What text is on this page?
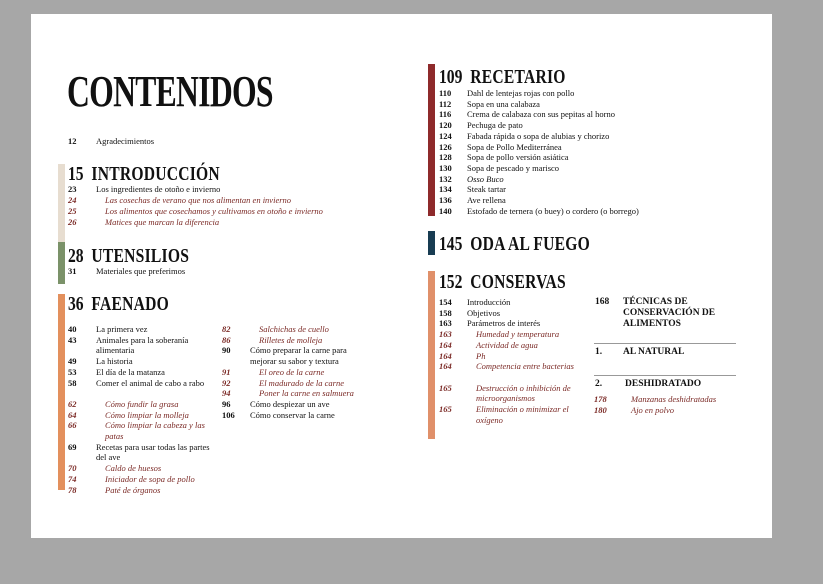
CONTENIDOS
12 Agradecimientos
15 INTRODUCCIÓN
23 Los ingredientes de otoño e invierno
24	Las cosechas de verano que nos alimentan en invierno
25	Los alimentos que cosechamos y cultivamos en otoño e invierno
26	Matices que marcan la diferencia
28 UTENSILIOS
31 Materiales que preferimos
36 FAENADO
40 La primera vez
43 Animales para la soberanía alimentaria
49 La historia
53 El día de la matanza
58 Comer el animal de cabo a rabo
62	Cómo fundir la grasa
64	Cómo limpiar la molleja
66	Cómo limpiar la cabeza y las patas
69 Recetas para usar todas las partes del ave
70	Caldo de huesos
74	Iniciador de sopa de pollo
78	Paté de órganos
82	Salchichas de cuello
86	Rilletes de molleja
90 Cómo preparar la carne para mejorar su sabor y textura
91	El oreo de la carne
92	El madurado de la carne
94	Poner la carne en salmuera
96 Cómo despiezar un ave
106 Cómo conservar la carne
109 RECETARIO
110 Dahl de lentejas rojas con pollo
112 Sopa en una calabaza
116 Crema de calabaza con sus pepitas al horno
120 Pechuga de pato
124 Fabada rápida o sopa de alubias y chorizo
126 Sopa de Pollo Mediterránea
128 Sopa de pollo versión asiática
130 Sopa de pescado y marisco
132 Osso Buco
134 Steak tartar
136 Ave rellena
140 Estofado de ternera (o buey) o cordero (o borrego)
145 ODA AL FUEGO
152 CONSERVAS
154 Introducción
158 Objetivos
163 Parámetros de interés
163	Humedad y temperatura
164	Actividad de agua
164	Ph
164	Competencia entre bacterias
165	Destrucción o inhibición de microorganismos
165	Eliminación o minimizar el oxígeno
168 TÉCNICAS DE CONSERVACIÓN DE ALIMENTOS
1. AL NATURAL
2. DESHIDRATADO
178	Manzanas deshidratadas
180	Ajo en polvo
